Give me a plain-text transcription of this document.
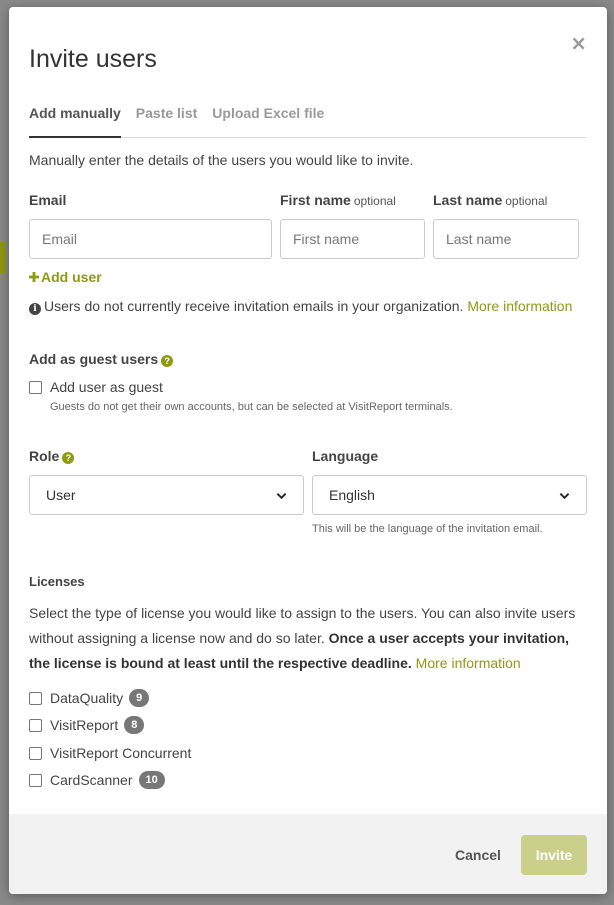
×
Invite users
Add manually Paste list Upload Excel file
Manually enter the details of the users you would like to invite.
Email	First name optional	Last name optional
Email
First name
Last name
Add user
i Users do not currently receive invitation emails in your organization. More information
Add as guest users ?
Add user as guest
Guests do not get their own accounts, but can be selected at VisitReport terminals.
Role ?	Language
User	English
This will be the language of the invitation email.
Licenses

Select the type of license you would like to assign to the users. You can also invite users without assigning a license now and do so later. Once a user accepts your invitation, the license is bound at least until the respective deadline. More information

DataQuality	9
VisitReport	8
VisitReport Concurrent
CardScanner	10
Cancel	Invite
